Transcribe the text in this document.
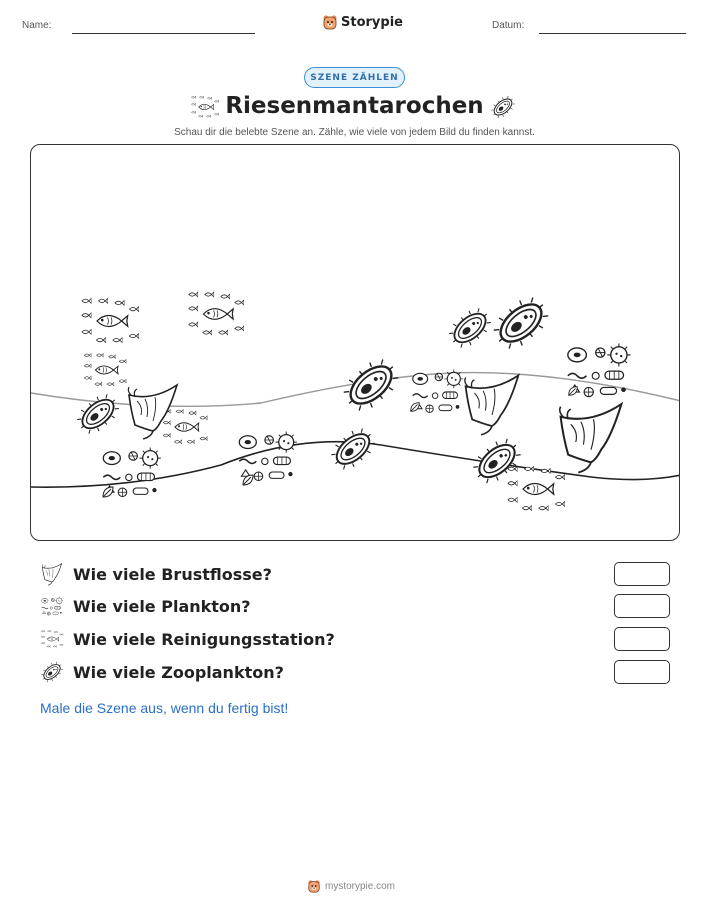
Name:	Storypie	Datum:
SZENE ZÄHLEN
Riesenmantarochen
Schau dir die belebte Szene an. Zähle, wie viele von jedem Bild du finden kannst.
Wie viele Brustflosse?
Wie viele Plankton?
Wie viele Reinigungsstation?
Wie viele Zooplankton?
Male die Szene aus, wenn du fertig bist!
mystorypie.com
